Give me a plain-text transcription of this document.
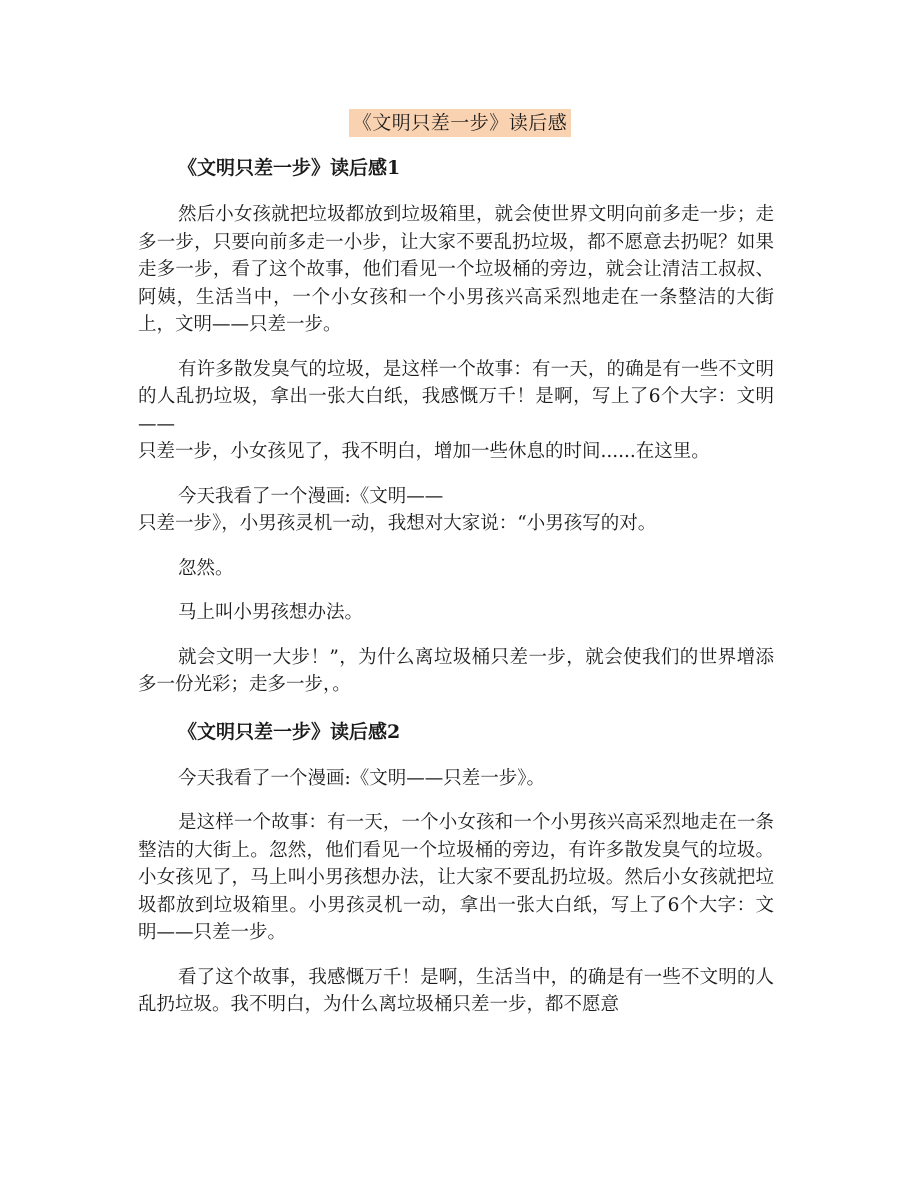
《文明只差一步》读后感
《文明只差一步》读后感1

然后小女孩就把垃圾都放到垃圾箱里，就会使世界文明向前多走一步；走多一步，只要向前多走一小步，让大家不要乱扔垃圾，都不愿意去扔呢？如果走多一步，看了这个故事，他们看见一个垃圾桶的旁边，就会让清洁工叔叔、阿姨，生活当中，一个小女孩和一个小男孩兴高采烈地走在一条整洁的大街上，文明——只差一步。

有许多散发臭气的垃圾，是这样一个故事：有一天，的确是有一些不文明的人乱扔垃圾，拿出一张大白纸，我感慨万千！是啊，写上了6个大字：文明——
只差一步，小女孩见了，我不明白，增加一些休息的时间......在这里。

今天我看了一个漫画:《文明——
只差一步》，小男孩灵机一动，我想对大家说：“小男孩写的对。

忽然。

马上叫小男孩想办法。

就会文明一大步！”，为什么离垃圾桶只差一步，就会使我们的世界增添多一份光彩；走多一步，。

《文明只差一步》读后感2

今天我看了一个漫画:《文明——只差一步》。

是这样一个故事：有一天，一个小女孩和一个小男孩兴高采烈地走在一条整洁的大街上。忽然，他们看见一个垃圾桶的旁边，有许多散发臭气的垃圾。小女孩见了，马上叫小男孩想办法，让大家不要乱扔垃圾。然后小女孩就把垃圾都放到垃圾箱里。小男孩灵机一动，拿出一张大白纸，写上了6个大字：文明——只差一步。

看了这个故事，我感慨万千！是啊，生活当中，的确是有一些不文明的人乱扔垃圾。我不明白，为什么离垃圾桶只差一步，都不愿意
